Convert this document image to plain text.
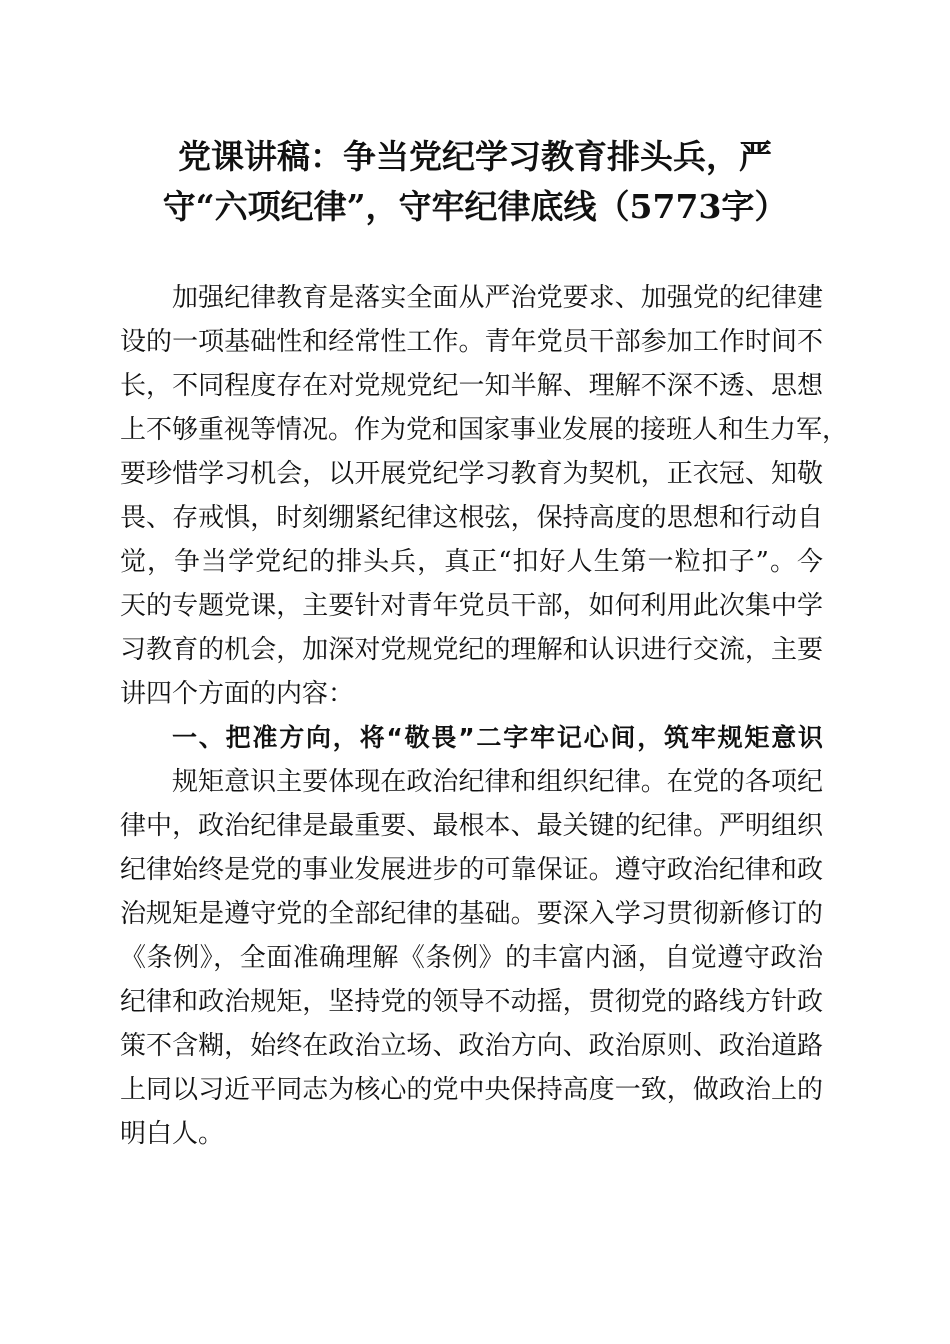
党课讲稿：争当党纪学习教育排头兵，严
守“六项纪律”，守牢纪律底线（5773字）
加强纪律教育是落实全面从严治党要求、加强党的纪律建
设的一项基础性和经常性工作。青年党员干部参加工作时间不
长，不同程度存在对党规党纪一知半解、理解不深不透、思想
上不够重视等情况。作为党和国家事业发展的接班人和生力军，
要珍惜学习机会，以开展党纪学习教育为契机，正衣冠、知敬
畏、存戒惧，时刻绷紧纪律这根弦，保持高度的思想和行动自
觉，争当学党纪的排头兵，真正“扣好人生第一粒扣子”。今
天的专题党课，主要针对青年党员干部，如何利用此次集中学
习教育的机会，加深对党规党纪的理解和认识进行交流，主要
讲四个方面的内容：
一、把准方向，将“敬畏”二字牢记心间，筑牢规矩意识
规矩意识主要体现在政治纪律和组织纪律。在党的各项纪
律中，政治纪律是最重要、最根本、最关键的纪律。严明组织
纪律始终是党的事业发展进步的可靠保证。遵守政治纪律和政
治规矩是遵守党的全部纪律的基础。要深入学习贯彻新修订的
《条例》，全面准确理解《条例》的丰富内涵，自觉遵守政治
纪律和政治规矩，坚持党的领导不动摇，贯彻党的路线方针政
策不含糊，始终在政治立场、政治方向、政治原则、政治道路
上同以习近平同志为核心的党中央保持高度一致，做政治上的
明白人。
